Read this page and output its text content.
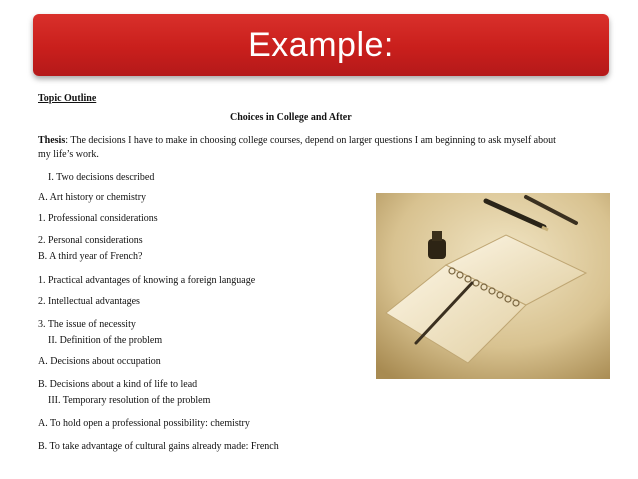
Example:
Topic Outline
Choices in College and After
Thesis: The decisions I have to make in choosing college courses, depend on larger questions I am beginning to ask myself about my life’s work.
I. Two decisions described
A. Art history or chemistry
1. Professional considerations
2. Personal considerations
B. A third year of French?
1. Practical advantages of knowing a foreign language
2. Intellectual advantages
3. The issue of necessity
II. Definition of the problem
A. Decisions about occupation
B. Decisions about a kind of life to lead
III. Temporary resolution of the problem
A. To hold open a professional possibility: chemistry
B. To take advantage of cultural gains already made: French
